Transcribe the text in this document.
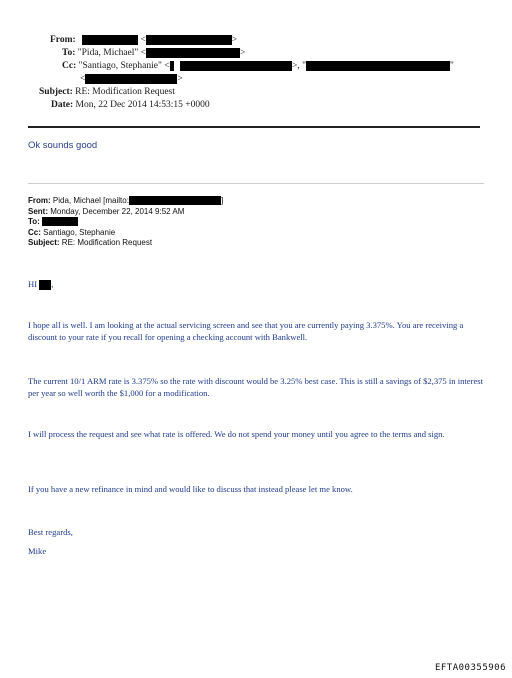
From:	<	>
To: "Pida, Michael" <	>
Cc: "Santiago, Stephanie" <
<	>
>, "	"
Subject: RE: Modification Request
Date: Mon, 22 Dec 2014 14:53:15 +0000
Ok sounds good
From: Pida, Michael [mailto:	]
Sent: Monday, December 22, 2014 9:52 AM
To:
Cc: Santiago, Stephanie
Subject: RE: Modification Request
HI ,
I hope all is well. I am looking at the actual servicing screen and see that you are currently paying 3.375%. You are receiving a discount to your rate if you recall for opening a checking account with Bankwell.
The current 10/1 ARM rate is 3.375% so the rate with discount would be 3.25% best case. This is still a savings of $2,375 in interest per year so well worth the $1,000 for a modification.
I will process the request and see what rate is offered. We do not spend your money until you agree to the terms and sign.
If you have a new refinance in mind and would like to discuss that instead please let me know.
Best regards,
Mike
EFTA00355906
